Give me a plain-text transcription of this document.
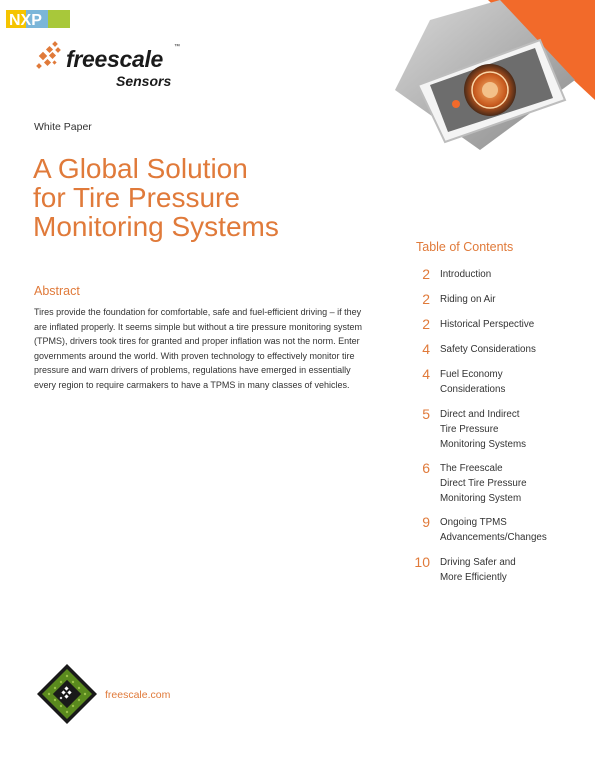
NXP
freescale ™
Sensors
White Paper
A Global Solution
for Tire Pressure
Monitoring Systems
Abstract

Tires provide the foundation for comfortable, safe and fuel-efficient driving – if they are inflated properly. It seems simple but without a tire pressure monitoring system (TPMS), drivers took tires for granted and proper inflation was not the norm. Enter governments around the world. With proven technology to effectively monitor tire pressure and warn drivers of problems, regulations have emerged in essentially every region to require carmakers to have a TPMS in many classes of vehicles.

Table of Contents
2 Introduction
2 Riding on Air
2 Historical Perspective
4 Safety Considerations
4 Fuel Economy
Considerations
5 Direct and Indirect
Tire Pressure
Monitoring Systems
6 The Freescale
Direct Tire Pressure
Monitoring System
9 Ongoing TPMS
Advancements/Changes
10 Driving Safer and
More Efficiently
freescale.com
